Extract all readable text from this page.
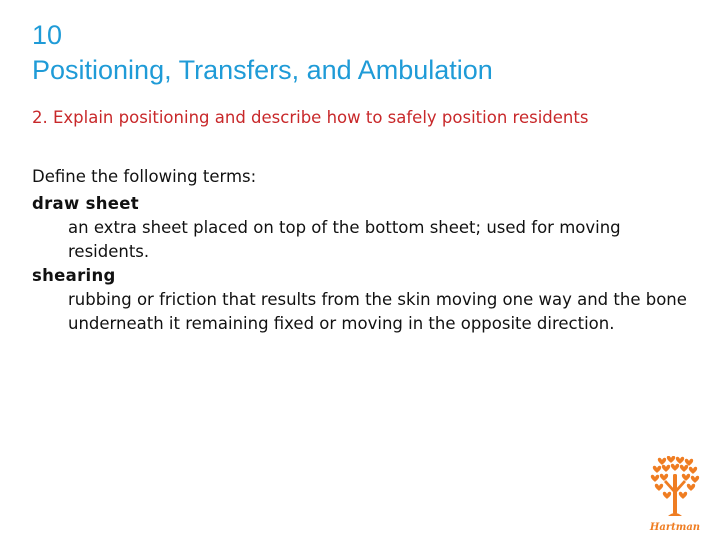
10
Positioning, Transfers, and Ambulation
2. Explain positioning and describe how to safely position residents
Define the following terms:
draw sheet
an extra sheet placed on top of the bottom sheet; used for moving residents.
shearing
rubbing or friction that results from the skin moving one way and the bone underneath it remaining fixed or moving in the opposite direction.
Hartman
